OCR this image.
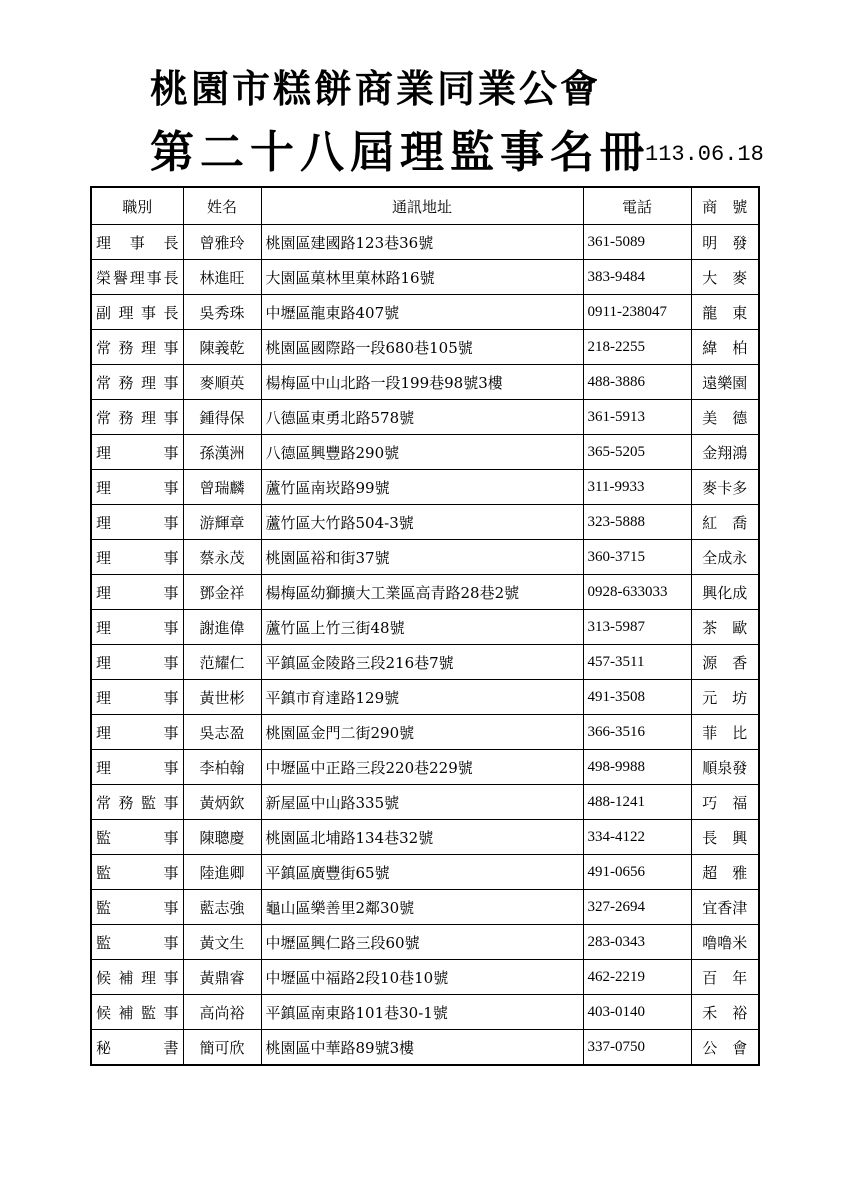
桃園市糕餅商業同業公會
第二十八屆理監事名冊
113.06.18
職別	姓名	通訊地址	電話	商　號
理事長	曾雅玲	桃園區建國路123巷36號	361-5089	明　發
榮譽理事長	林進旺	大園區菓林里菓林路16號	383-9484	大　麥
副理事長	吳秀珠	中壢區龍東路407號	0911-238047	龍　東
常務理事	陳義乾	桃園區國際路一段680巷105號	218-2255	緯　柏
常務理事	麥順英	楊梅區中山北路一段199巷98號3樓	488-3886	遠樂園
常務理事	鍾得保	八德區東勇北路578號	361-5913	美　德
理事	孫漢洲	八德區興豐路290號	365-5205	金翔鴻
理事	曾瑞麟	蘆竹區南崁路99號	311-9933	麥卡多
理事	游輝章	蘆竹區大竹路504-3號	323-5888	紅　喬
理事	蔡永茂	桃園區裕和街37號	360-3715	全成永
理事	鄧金祥	楊梅區幼獅擴大工業區高青路28巷2號	0928-633033	興化成
理事	謝進偉	蘆竹區上竹三街48號	313-5987	茶　歐
理事	范耀仁	平鎮區金陵路三段216巷7號	457-3511	源　香
理事	黃世彬	平鎮市育達路129號	491-3508	元　坊
理事	吳志盈	桃園區金門二街290號	366-3516	菲　比
理事	李柏翰	中壢區中正路三段220巷229號	498-9988	順泉發
常務監事	黃炳欽	新屋區中山路335號	488-1241	巧　福
監事	陳聰慶	桃園區北埔路134巷32號	334-4122	長　興
監事	陸進卿	平鎮區廣豐街65號	491-0656	超　雅
監事	藍志強	龜山區樂善里2鄰30號	327-2694	宜香津
監事	黃文生	中壢區興仁路三段60號	283-0343	噜噜米
候補理事	黃鼎睿	中壢區中福路2段10巷10號	462-2219	百　年
候補監事	高尚裕	平鎮區南東路101巷30-1號	403-0140	禾　裕
秘書	簡可欣	桃園區中華路89號3樓	337-0750	公　會
